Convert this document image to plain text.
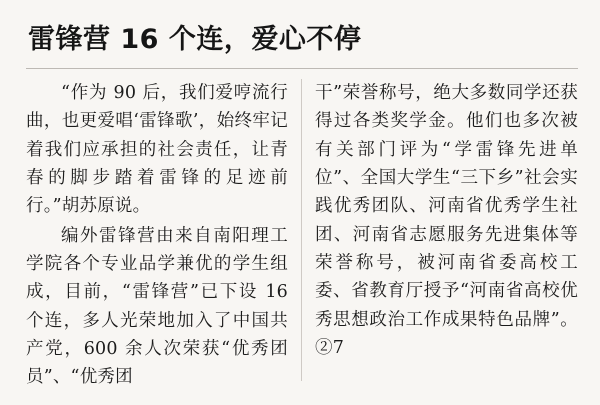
雷锋营 16 个连，爱心不停

“作为 90 后，我们爱哼流行曲，也更爱唱‘雷锋歌’，始终牢记着我们应承担的社会责任，让青春的脚步踏着雷锋的足迹前行。”胡苏原说。

编外雷锋营由来自南阳理工学院各个专业品学兼优的学生组成，目前，“雷锋营”已下设 16 个连，多人光荣地加入了中国共产党，600 余人次荣获“优秀团员”、“优秀团

干”荣誉称号，绝大多数同学还获得过各类奖学金。他们也多次被有关部门评为“学雷锋先进单位”、全国大学生“三下乡”社会实践优秀团队、河南省优秀学生社团、河南省志愿服务先进集体等荣誉称号，被河南省委高校工委、省教育厅授予“河南省高校优秀思想政治工作成果特色品牌”。②7
